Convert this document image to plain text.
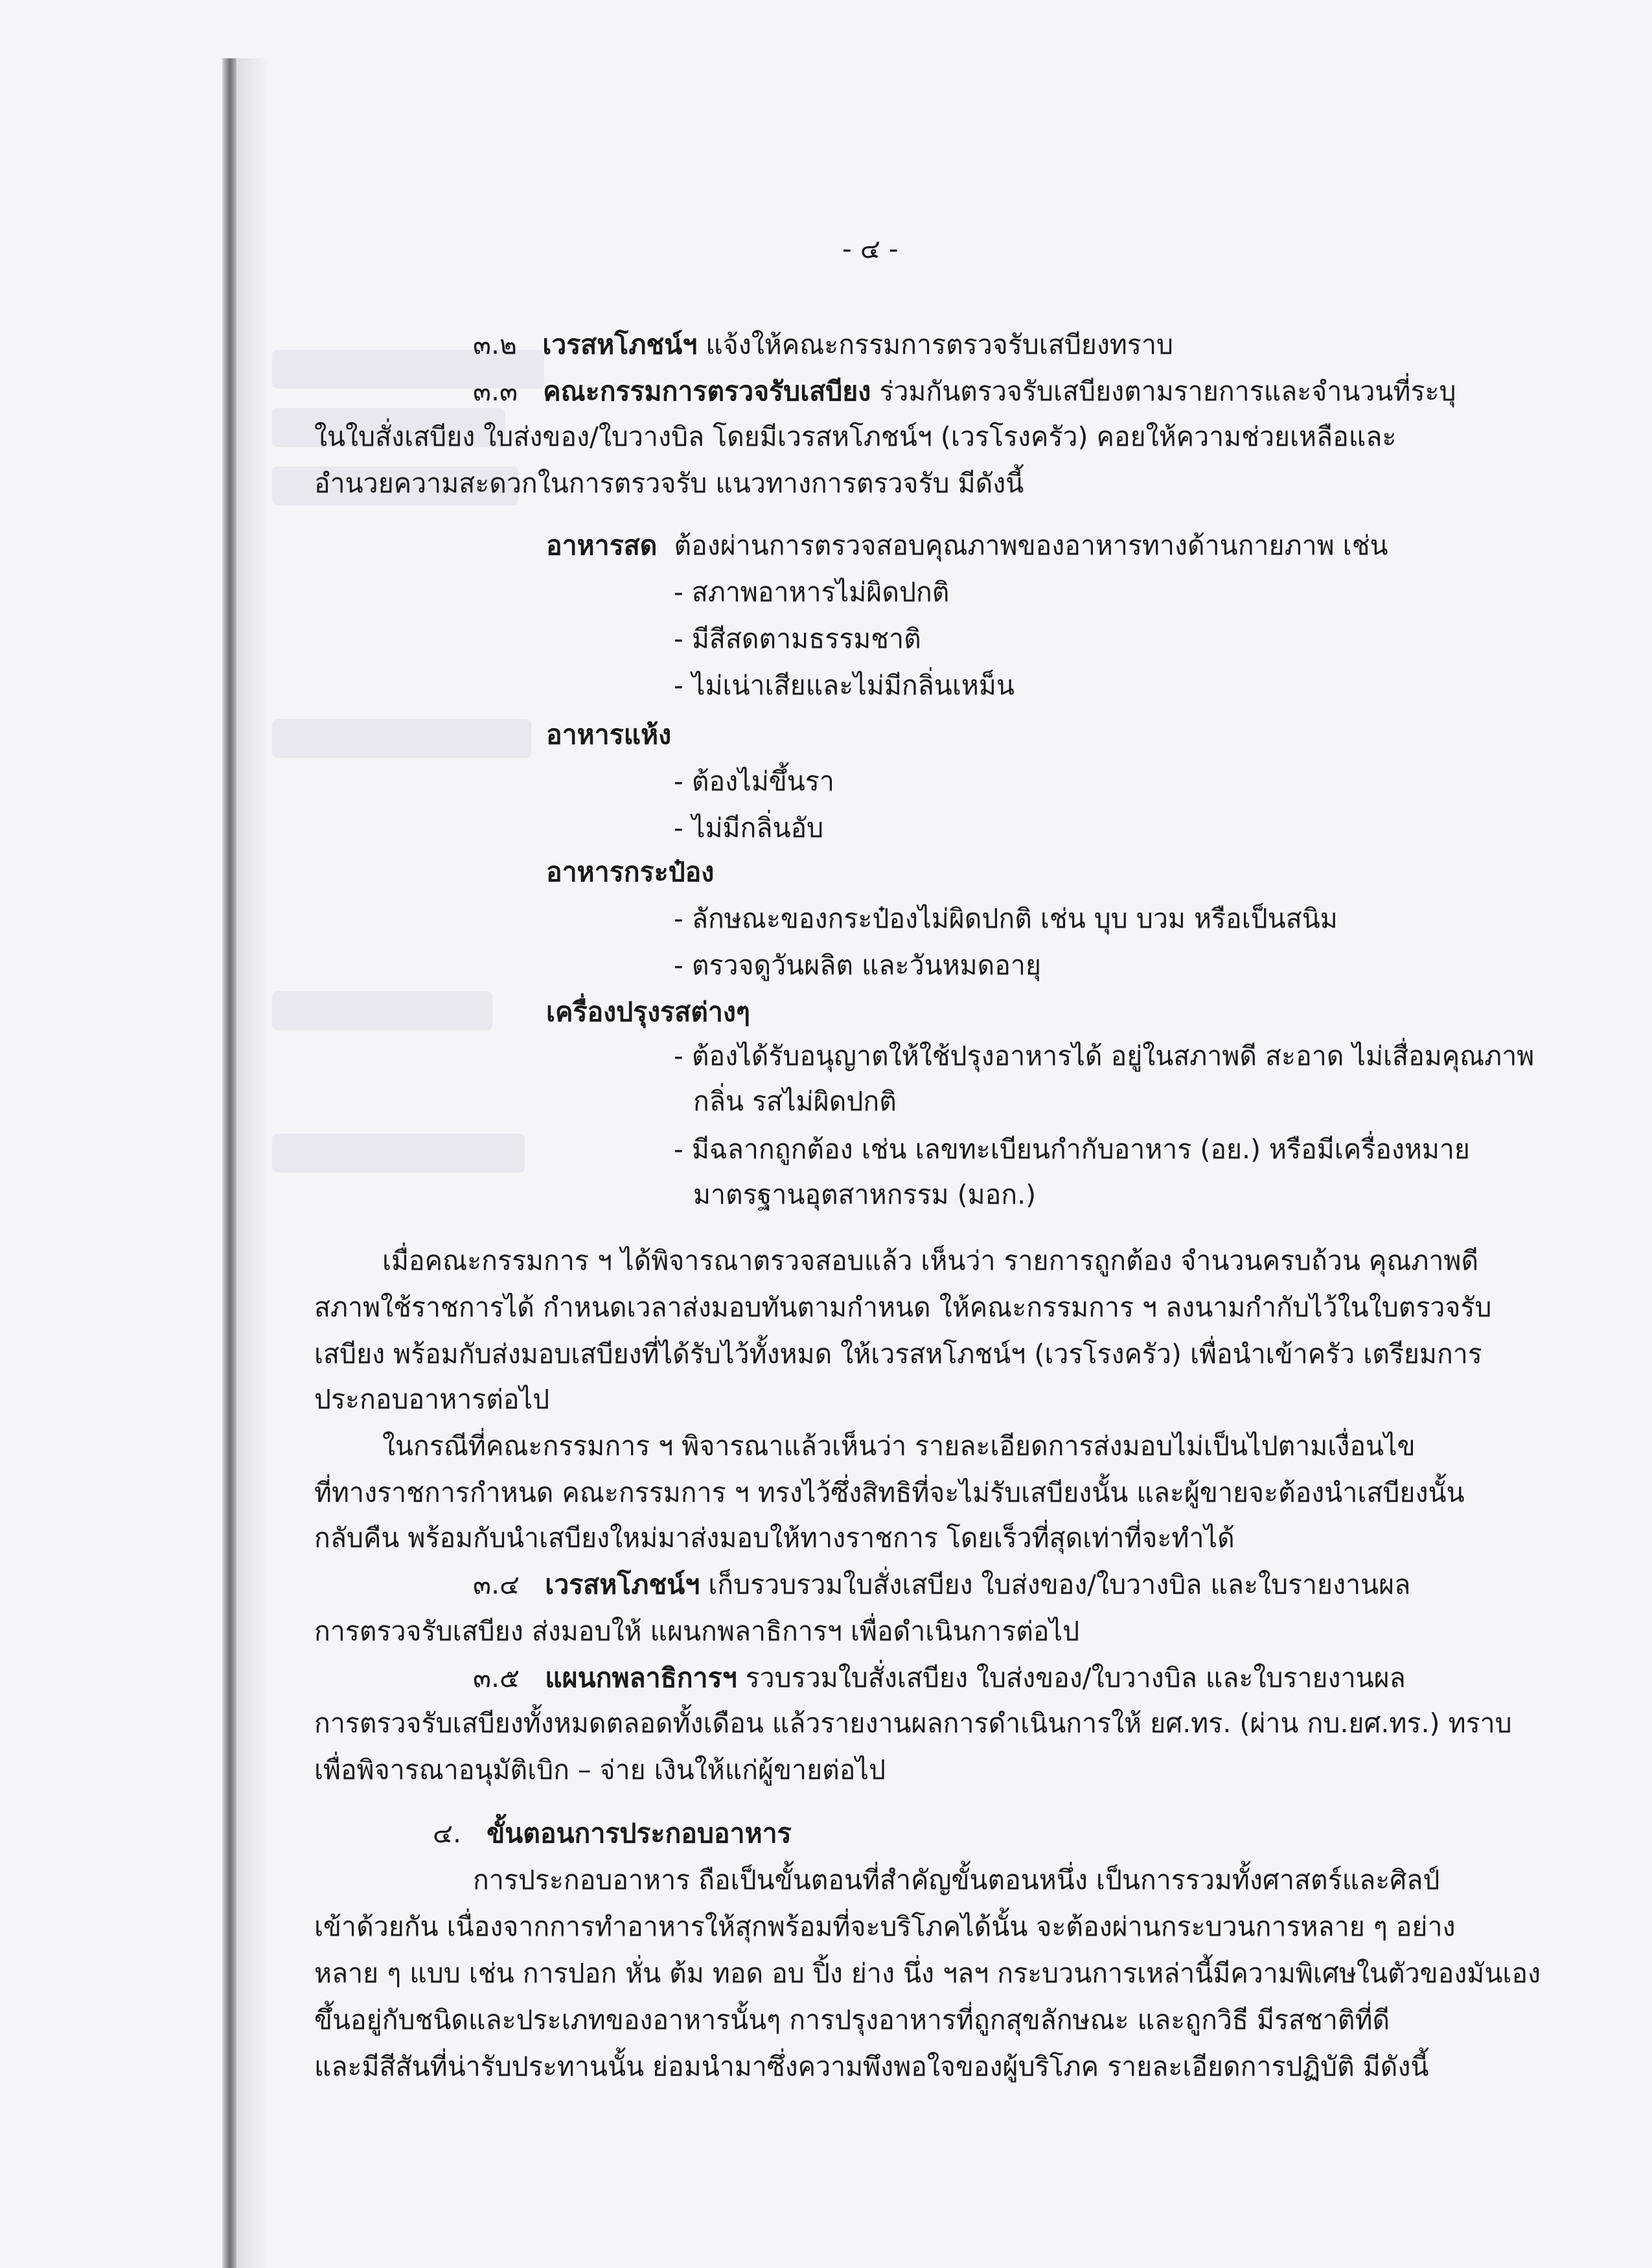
- ๔ -
๓.๒ เวรสหโภชน์ฯ แจ้งให้คณะกรรมการตรวจรับเสบียงทราบ
๓.๓ คณะกรรมการตรวจรับเสบียง ร่วมกันตรวจรับเสบียงตามรายการและจำนวนที่ระบุ
ในใบสั่งเสบียง ใบส่งของ/ใบวางบิล โดยมีเวรสหโภชน์ฯ (เวรโรงครัว) คอยให้ความช่วยเหลือและ
อำนวยความสะดวกในการตรวจรับ แนวทางการตรวจรับ มีดังนี้
อาหารสด ต้องผ่านการตรวจสอบคุณภาพของอาหารทางด้านกายภาพ เช่น
- สภาพอาหารไม่ผิดปกติ
- มีสีสดตามธรรมชาติ
- ไม่เน่าเสียและไม่มีกลิ่นเหม็น
อาหารแห้ง
- ต้องไม่ขึ้นรา
- ไม่มีกลิ่นอับ
อาหารกระป๋อง
- ลักษณะของกระป๋องไม่ผิดปกติ เช่น บุบ บวม หรือเป็นสนิม
- ตรวจดูวันผลิต และวันหมดอายุ
เครื่องปรุงรสต่างๆ
- ต้องได้รับอนุญาตให้ใช้ปรุงอาหารได้ อยู่ในสภาพดี สะอาด ไม่เสื่อมคุณภาพ
กลิ่น รสไม่ผิดปกติ
- มีฉลากถูกต้อง เช่น เลขทะเบียนกำกับอาหาร (อย.) หรือมีเครื่องหมาย
มาตรฐานอุตสาหกรรม (มอก.)
เมื่อคณะกรรมการ ฯ ได้พิจารณาตรวจสอบแล้ว เห็นว่า รายการถูกต้อง จำนวนครบถ้วน คุณภาพดี
สภาพใช้ราชการได้ กำหนดเวลาส่งมอบทันตามกำหนด ให้คณะกรรมการ ฯ ลงนามกำกับไว้ในใบตรวจรับ
เสบียง พร้อมกับส่งมอบเสบียงที่ได้รับไว้ทั้งหมด ให้เวรสหโภชน์ฯ (เวรโรงครัว) เพื่อนำเข้าครัว เตรียมการ
ประกอบอาหารต่อไป
ในกรณีที่คณะกรรมการ ฯ พิจารณาแล้วเห็นว่า รายละเอียดการส่งมอบไม่เป็นไปตามเงื่อนไข
ที่ทางราชการกำหนด คณะกรรมการ ฯ ทรงไว้ซึ่งสิทธิที่จะไม่รับเสบียงนั้น และผู้ขายจะต้องนำเสบียงนั้น
กลับคืน พร้อมกับนำเสบียงใหม่มาส่งมอบให้ทางราชการ โดยเร็วที่สุดเท่าที่จะทำได้
๓.๔ เวรสหโภชน์ฯ เก็บรวบรวมใบสั่งเสบียง ใบส่งของ/ใบวางบิล และใบรายงานผล
การตรวจรับเสบียง ส่งมอบให้ แผนกพลาธิการฯ เพื่อดำเนินการต่อไป
๓.๕ แผนกพลาธิการฯ รวบรวมใบสั่งเสบียง ใบส่งของ/ใบวางบิล และใบรายงานผล
การตรวจรับเสบียงทั้งหมดตลอดทั้งเดือน แล้วรายงานผลการดำเนินการให้ ยศ.ทร. (ผ่าน กบ.ยศ.ทร.) ทราบ
เพื่อพิจารณาอนุมัติเบิก – จ่าย เงินให้แก่ผู้ขายต่อไป
๔. ขั้นตอนการประกอบอาหาร
การประกอบอาหาร ถือเป็นขั้นตอนที่สำคัญขั้นตอนหนึ่ง เป็นการรวมทั้งศาสตร์และศิลป์
เข้าด้วยกัน เนื่องจากการทำอาหารให้สุกพร้อมที่จะบริโภคได้นั้น จะต้องผ่านกระบวนการหลาย ๆ อย่าง
หลาย ๆ แบบ เช่น การปอก หั่น ต้ม ทอด อบ ปิ้ง ย่าง นึ่ง ฯลฯ กระบวนการเหล่านี้มีความพิเศษในตัวของมันเอง
ขึ้นอยู่กับชนิดและประเภทของอาหารนั้นๆ การปรุงอาหารที่ถูกสุขลักษณะ และถูกวิธี มีรสชาติที่ดี
และมีสีสันที่น่ารับประทานนั้น ย่อมนำมาซึ่งความพึงพอใจของผู้บริโภค รายละเอียดการปฏิบัติ มีดังนี้
